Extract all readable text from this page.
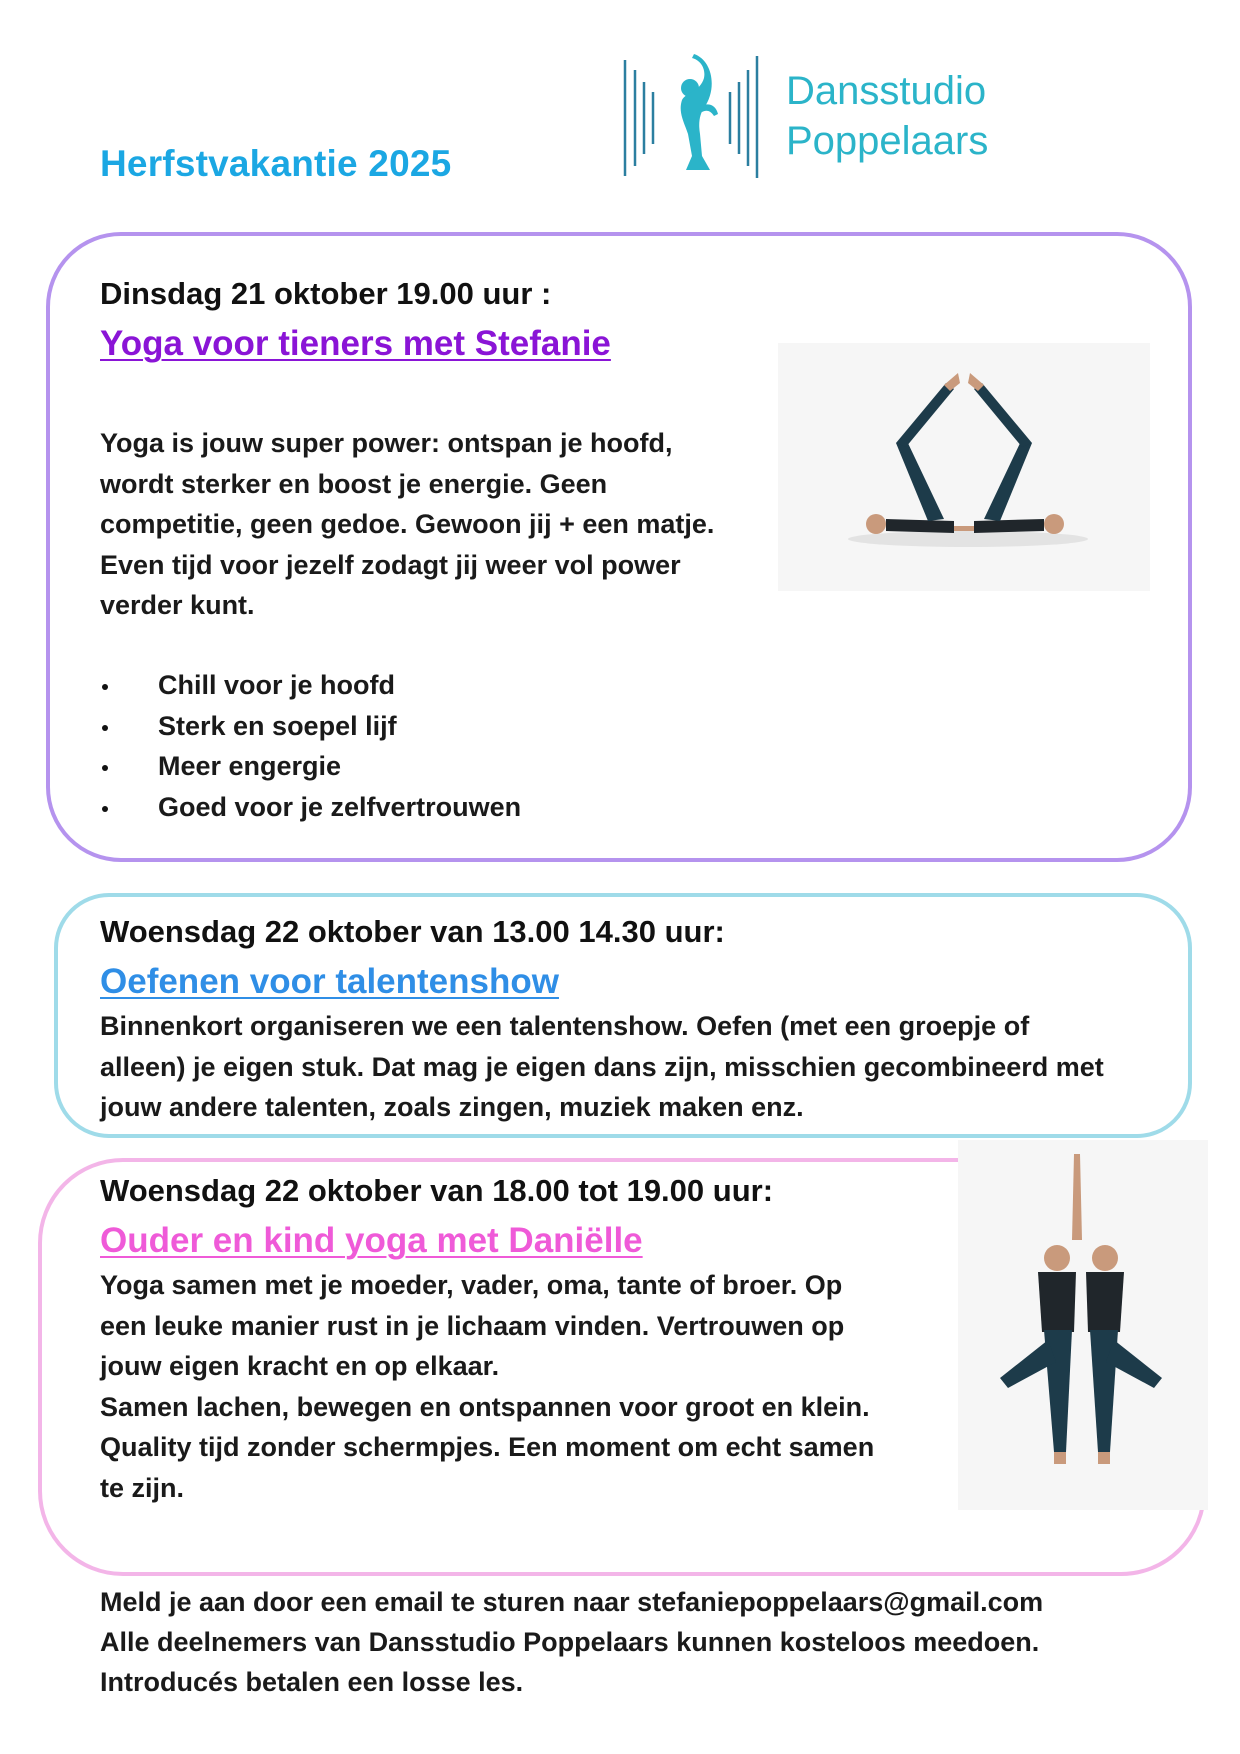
Herfstvakantie 2025
Dansstudio
Poppelaars
Dinsdag 21 oktober 19.00 uur :
Yoga voor tieners met Stefanie

Yoga is jouw super power: ontspan je hoofd,

wordt sterker en boost je energie. Geen

competitie, geen gedoe. Gewoon jij + een matje.

Even tijd voor jezelf zodagt jij weer vol power

verder kunt.

Chill voor je hoofd
Sterk en soepel lijf
Meer engergie
Goed voor je zelfvertrouwen
Woensdag 22 oktober van 13.00 14.30 uur:
Oefenen voor talentenshow

Binnenkort organiseren we een talentenshow. Oefen (met een groepje of

alleen) je eigen stuk. Dat mag je eigen dans zijn, misschien gecombineerd met

jouw andere talenten, zoals zingen, muziek maken enz.

Woensdag 22 oktober van 18.00 tot 19.00 uur:
Ouder en kind yoga met Daniëlle

Yoga samen met je moeder, vader, oma, tante of broer. Op

een leuke manier rust in je lichaam vinden. Vertrouwen op

jouw eigen kracht en op elkaar.

Samen lachen, bewegen en ontspannen voor groot en klein.

Quality tijd zonder schermpjes. Een moment om echt samen

te zijn.

Meld je aan door een email te sturen naar stefaniepoppelaars@gmail.com
Alle deelnemers van Dansstudio Poppelaars kunnen kosteloos meedoen.
Introducés betalen een losse les.
